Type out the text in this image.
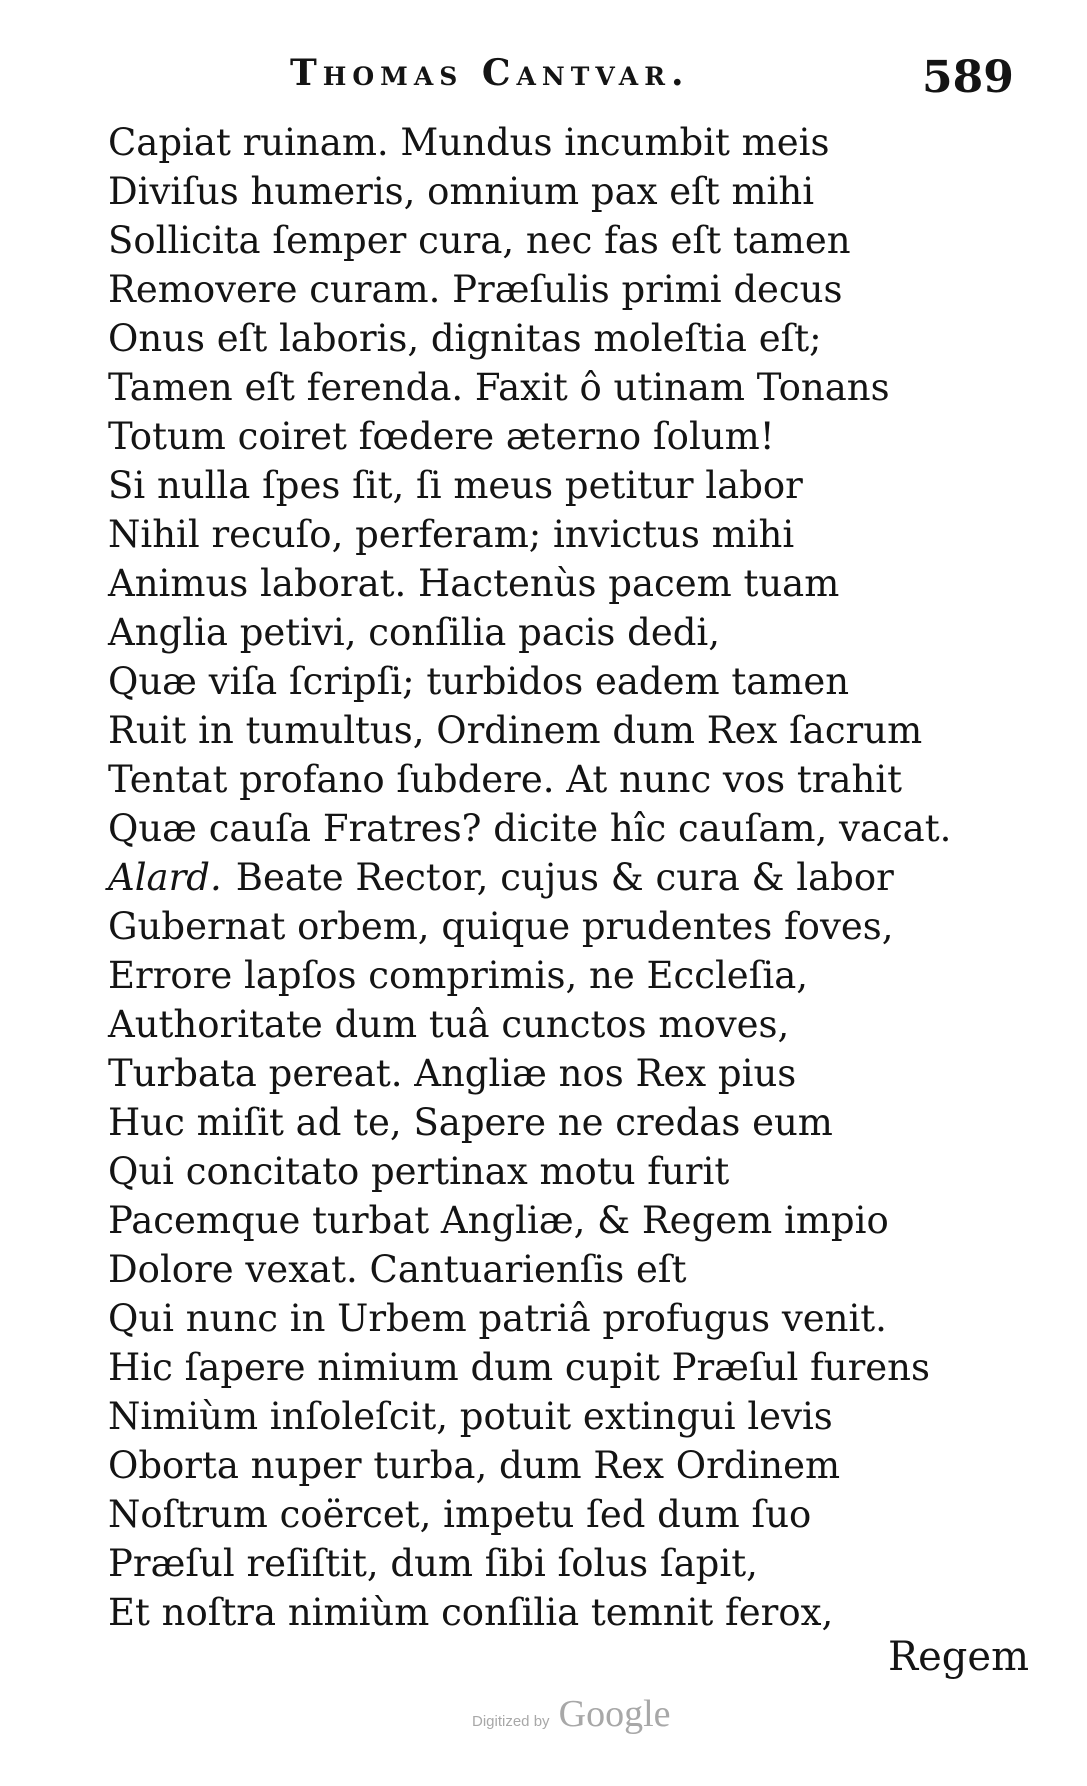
Thomas Cantvar.	589
Capiat ruinam. Mundus incumbit meis
Diviſus humeris, omnium pax eſt mihi
Sollicita ſemper cura, nec fas eſt tamen
Removere curam. Præſulis primi decus
Onus eſt laboris, dignitas moleſtia eſt;
Tamen eſt ferenda. Faxit ô utinam Tonans
Totum coiret fœdere æterno ſolum!
Si nulla ſpes ſit, ſi meus petitur labor
Nihil recuſo, perferam; invictus mihi
Animus laborat. Hactenùs pacem tuam
Anglia petivi, conſilia pacis dedi,
Quæ viſa ſcripſi; turbidos eadem tamen
Ruit in tumultus, Ordinem dum Rex ſacrum
Tentat profano ſubdere. At nunc vos trahit
Quæ cauſa Fratres? dicite hîc cauſam, vacat.
Alard. Beate Rector, cujus & cura & labor
Gubernat orbem, quique prudentes foves,
Errore lapſos comprimis, ne Eccleſia,
Authoritate dum tuâ cunctos moves,
Turbata pereat. Angliæ nos Rex pius
Huc miſit ad te, Sapere ne credas eum
Qui concitato pertinax motu furit
Pacemque turbat Angliæ, & Regem impio
Dolore vexat. Cantuarienſis eſt
Qui nunc in Urbem patriâ profugus venit.
Hic ſapere nimium dum cupit Præſul furens
Nimiùm inſoleſcit, potuit extingui levis
Oborta nuper turba, dum Rex Ordinem
Noſtrum coërcet, impetu ſed dum ſuo
Præſul reſiſtit, dum ſibi ſolus ſapit,
Et noſtra nimiùm conſilia temnit ferox,
Regem
Digitized by Google
